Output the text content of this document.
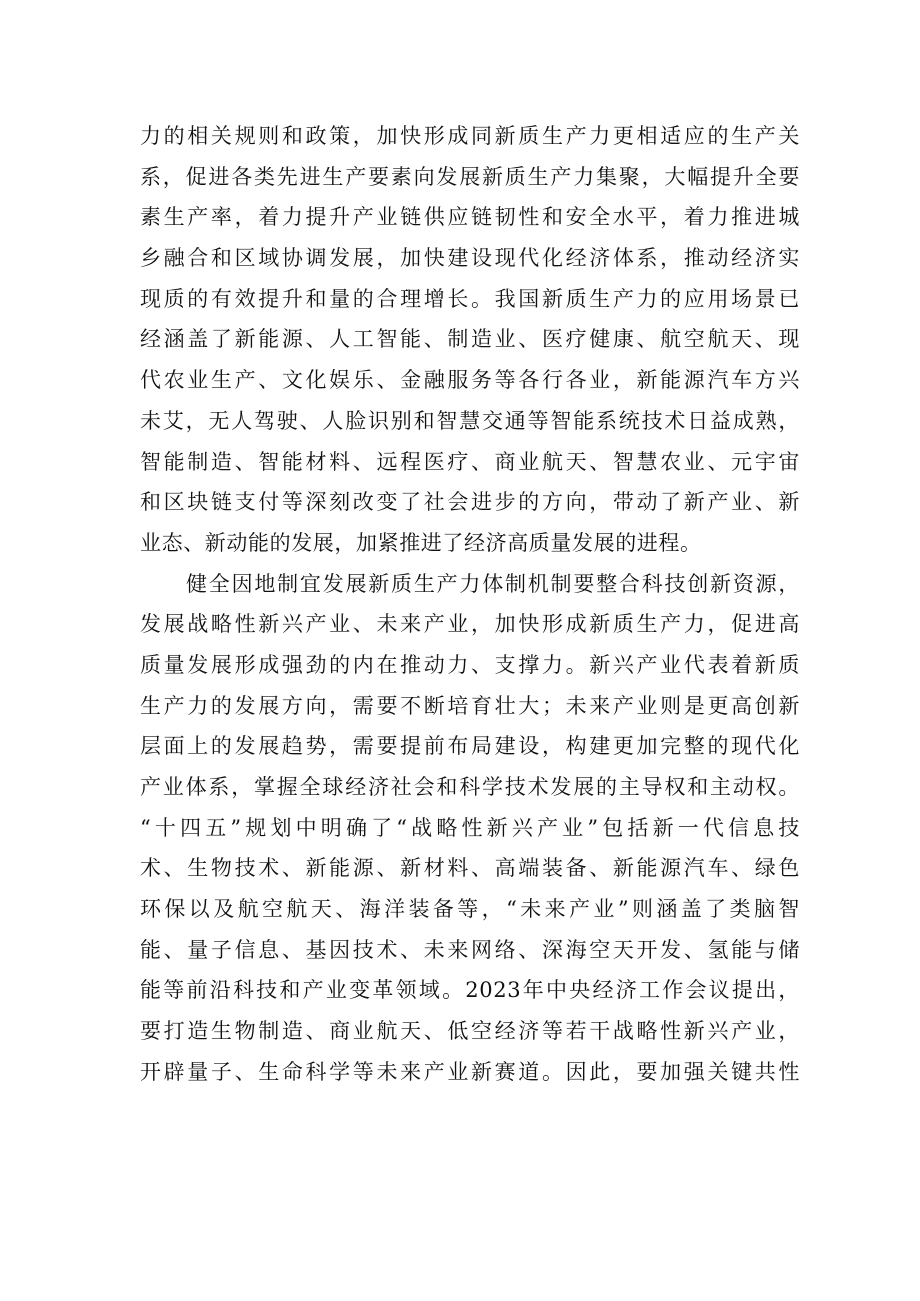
力的相关规则和政策，加快形成同新质生产力更相适应的生产关
系，促进各类先进生产要素向发展新质生产力集聚，大幅提升全要
素生产率，着力提升产业链供应链韧性和安全水平，着力推进城
乡融合和区域协调发展，加快建设现代化经济体系，推动经济实
现质的有效提升和量的合理增长。我国新质生产力的应用场景已
经涵盖了新能源、人工智能、制造业、医疗健康、航空航天、现
代农业生产、文化娱乐、金融服务等各行各业，新能源汽车方兴
未艾，无人驾驶、人脸识别和智慧交通等智能系统技术日益成熟，
智能制造、智能材料、远程医疗、商业航天、智慧农业、元宇宙
和区块链支付等深刻改变了社会进步的方向，带动了新产业、新
业态、新动能的发展，加紧推进了经济高质量发展的进程。
健全因地制宜发展新质生产力体制机制要整合科技创新资源，
发展战略性新兴产业、未来产业，加快形成新质生产力，促进高
质量发展形成强劲的内在推动力、支撑力。新兴产业代表着新质
生产力的发展方向，需要不断培育壮大；未来产业则是更高创新
层面上的发展趋势，需要提前布局建设，构建更加完整的现代化
产业体系，掌握全球经济社会和科学技术发展的主导权和主动权。
“十四五”规划中明确了“战略性新兴产业”包括新一代信息技
术、生物技术、新能源、新材料、高端装备、新能源汽车、绿色
环保以及航空航天、海洋装备等，“未来产业”则涵盖了类脑智
能、量子信息、基因技术、未来网络、深海空天开发、氢能与储
能等前沿科技和产业变革领域。2023年中央经济工作会议提出，
要打造生物制造、商业航天、低空经济等若干战略性新兴产业，
开辟量子、生命科学等未来产业新赛道。因此，要加强关键共性
